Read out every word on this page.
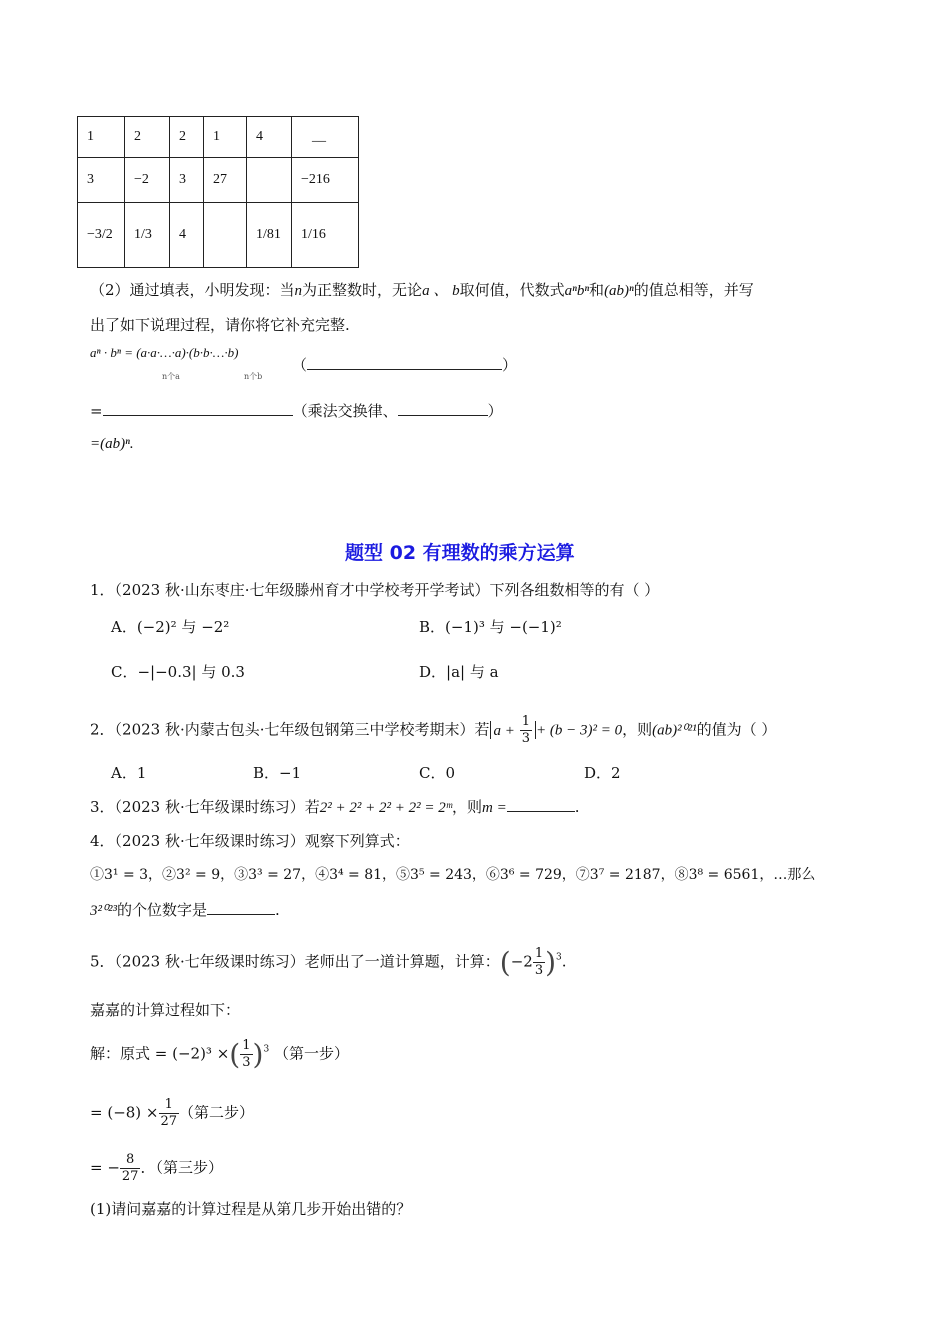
1	2	2	1	4	__
3	−2	3	27		−216
−3/2	1/3	4		1/81	1/16
（2）通过填表，小明发现：当n为正整数时，无论a 、 b取何值，代数式aⁿbⁿ和(ab)ⁿ的值总相等，并写
出了如下说理过程，请你将它补充完整.
aⁿ · bⁿ = (a·a·…·a)·(b·b·…·b)
n个a	n个b
（	）
=	（乘法交换律、	）
=(ab)ⁿ.
题型 02 有理数的乘方运算
1．（2023 秋·山东枣庄·七年级滕州育才中学校考开学考试）下列各组数相等的有（ ）
A．(−2)² 与 −2²	B．(−1)³ 与 −(−1)²
C．−|−0.3| 与 0.3	D．|a| 与 a
2．（2023 秋·内蒙古包头·七年级包钢第三中学校考期末）若 $a + \frac{1}{3} + (b - 3)^2 = 0$，则(ab)²⁰²¹的值为（ ）
A．1	B．−1	C．0	D．2
3．（2023 秋·七年级课时练习）若2² + 2² + 2² + 2² = 2ᵐ，则m =	.
4．（2023 秋·七年级课时练习）观察下列算式：
①3¹ = 3，②3² = 9，③3³ = 27，④3⁴ = 81，⑤3⁵ = 243，⑥3⁶ = 729，⑦3⁷ = 2187，⑧3⁸ = 6561，…那么
3²⁰²³的个位数字是	.
5．（2023 秋·七年级课时练习）老师出了一道计算题，计算：$(-2 \frac{1}{3} )^3$.
嘉嘉的计算过程如下：
解：原式 = (−2)³ ×( $\frac{1}{3} )^3$ （第一步）
= $(-8) \times \frac{1}{27}$ （第二步）
= − $\frac{8}{27}$ ．（第三步）
(1)请问嘉嘉的计算过程是从第几步开始出错的？
